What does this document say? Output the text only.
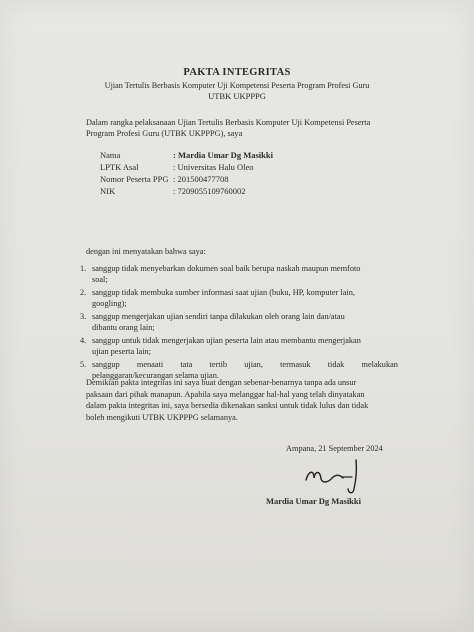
PAKTA INTEGRITAS
Ujian Tertulis Berbasis Komputer Uji Kompetensi Peserta Program Profesi Guru
UTBK UKPPPG
Dalam rangka pelaksanaan Ujian Tertulis Berbasis Komputer Uji Kompetensi Peserta
Program Profesi Guru (UTBK UKPPPG), saya
Nama	: Mardia Umar Dg Masikki
LPTK Asal	: Universitas Halu Oleo
Nomor Peserta PPG : 201500477708
NIK	: 7209055109760002
dengan ini menyatakan bahwa saya:
1. sanggup tidak menyebarkan dokumen soal baik berupa naskah maupun memfoto
soal;
2. sanggup tidak membuka sumber informasi saat ujian (buku, HP, komputer lain,
googling);
3. sanggup mengerjakan ujian sendiri tanpa dilakukan oleh orang lain dan/atau
dibantu orang lain;
4. sanggup untuk tidak mengerjakan ujian peserta lain atau membantu mengerjakan
ujian peserta lain;
5. sanggup menaati tata tertib ujian, termasuk tidak melakukan
pelanggaran/kecurangan selama ujian.
Demikian pakta integritas ini saya buat dengan sebenar-benarnya tanpa ada unsur
paksaan dari pihak manapun. Apabila saya melanggar hal-hal yang telah dinyatakan
dalam pakta integritas ini, saya bersedia dikenakan sanksi untuk tidak lulus dan tidak
boleh mengikuti UTBK UKPPPG selamanya.
Ampana, 21 September 2024
Mardia Umar Dg Masikki
